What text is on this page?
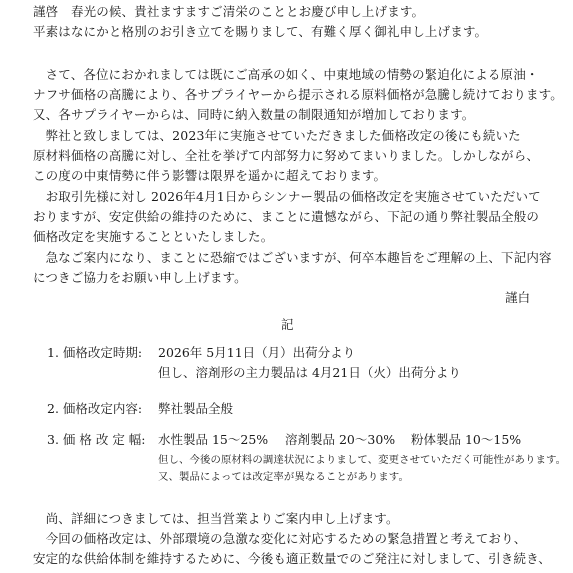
謹啓　春光の候、貴社ますますご清栄のこととお慶び申し上げます。
平素はなにかと格別のお引き立てを賜りまして、有難く厚く御礼申し上げます。
　さて、各位におかれましては既にご高承の如く、中東地域の情勢の緊迫化による原油・
ナフサ価格の高騰により、各サプライヤーから提示される原料価格が急騰し続けております。
又、各サプライヤーからは、同時に納入数量の制限通知が増加しております。
　弊社と致しましては、2023年に実施させていただきました価格改定の後にも続いた
原材料価格の高騰に対し、全社を挙げて内部努力に努めてまいりました。しかしながら、
この度の中東情勢に伴う影響は限界を遥かに超えております。
　お取引先様に対し 2026年4月1日からシンナー製品の価格改定を実施させていただいて
おりますが、安定供給の維持のために、まことに遺憾ながら、下記の通り弊社製品全般の
価格改定を実施することといたしました。
　急なご案内になり、まことに恐縮ではございますが、何卒本趣旨をご理解の上、下記内容
につきご協力をお願い申し上げます。
謹白
記
1. 価格改定時期: 2026年 5月11日（月）出荷分より
但し、溶剤形の主力製品は 4月21日（火）出荷分より
2. 価格改定内容: 弊社製品全般
3. 価 格 改 定 幅: 水性製品 15～25% 溶剤製品 20～30% 粉体製品 10～15%
但し、今後の原材料の調達状況によりまして、変更させていただく可能性があります。
又、製品によっては改定率が異なることがあります。
　尚、詳細につきましては、担当営業よりご案内申し上げます。
　今回の価格改定は、外部環境の急激な変化に対応するための緊急措置と考えており、
安定的な供給体制を維持するために、今後も適正数量でのご発注に対しまして、引き続き、
